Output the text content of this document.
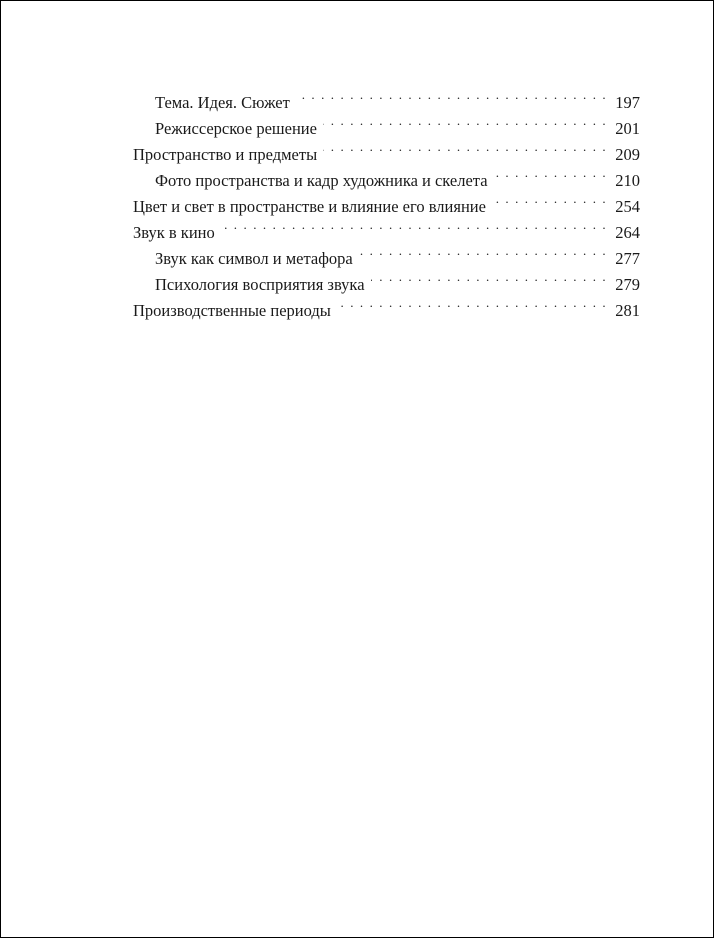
Тема. Идея. Сюжет . . .	197
Режиссерское решение . . .	201
Пространство и предметы . . .	209
Фото пространства и кадр художника и скелета . . .	210
Цвет и свет в пространстве и влияние его влияние . . .	254
Звук в кино . . .	264
Звук как символ и метафора . . .	277
Психология восприятия звука . . .	279
Производственные периоды . . .	281
